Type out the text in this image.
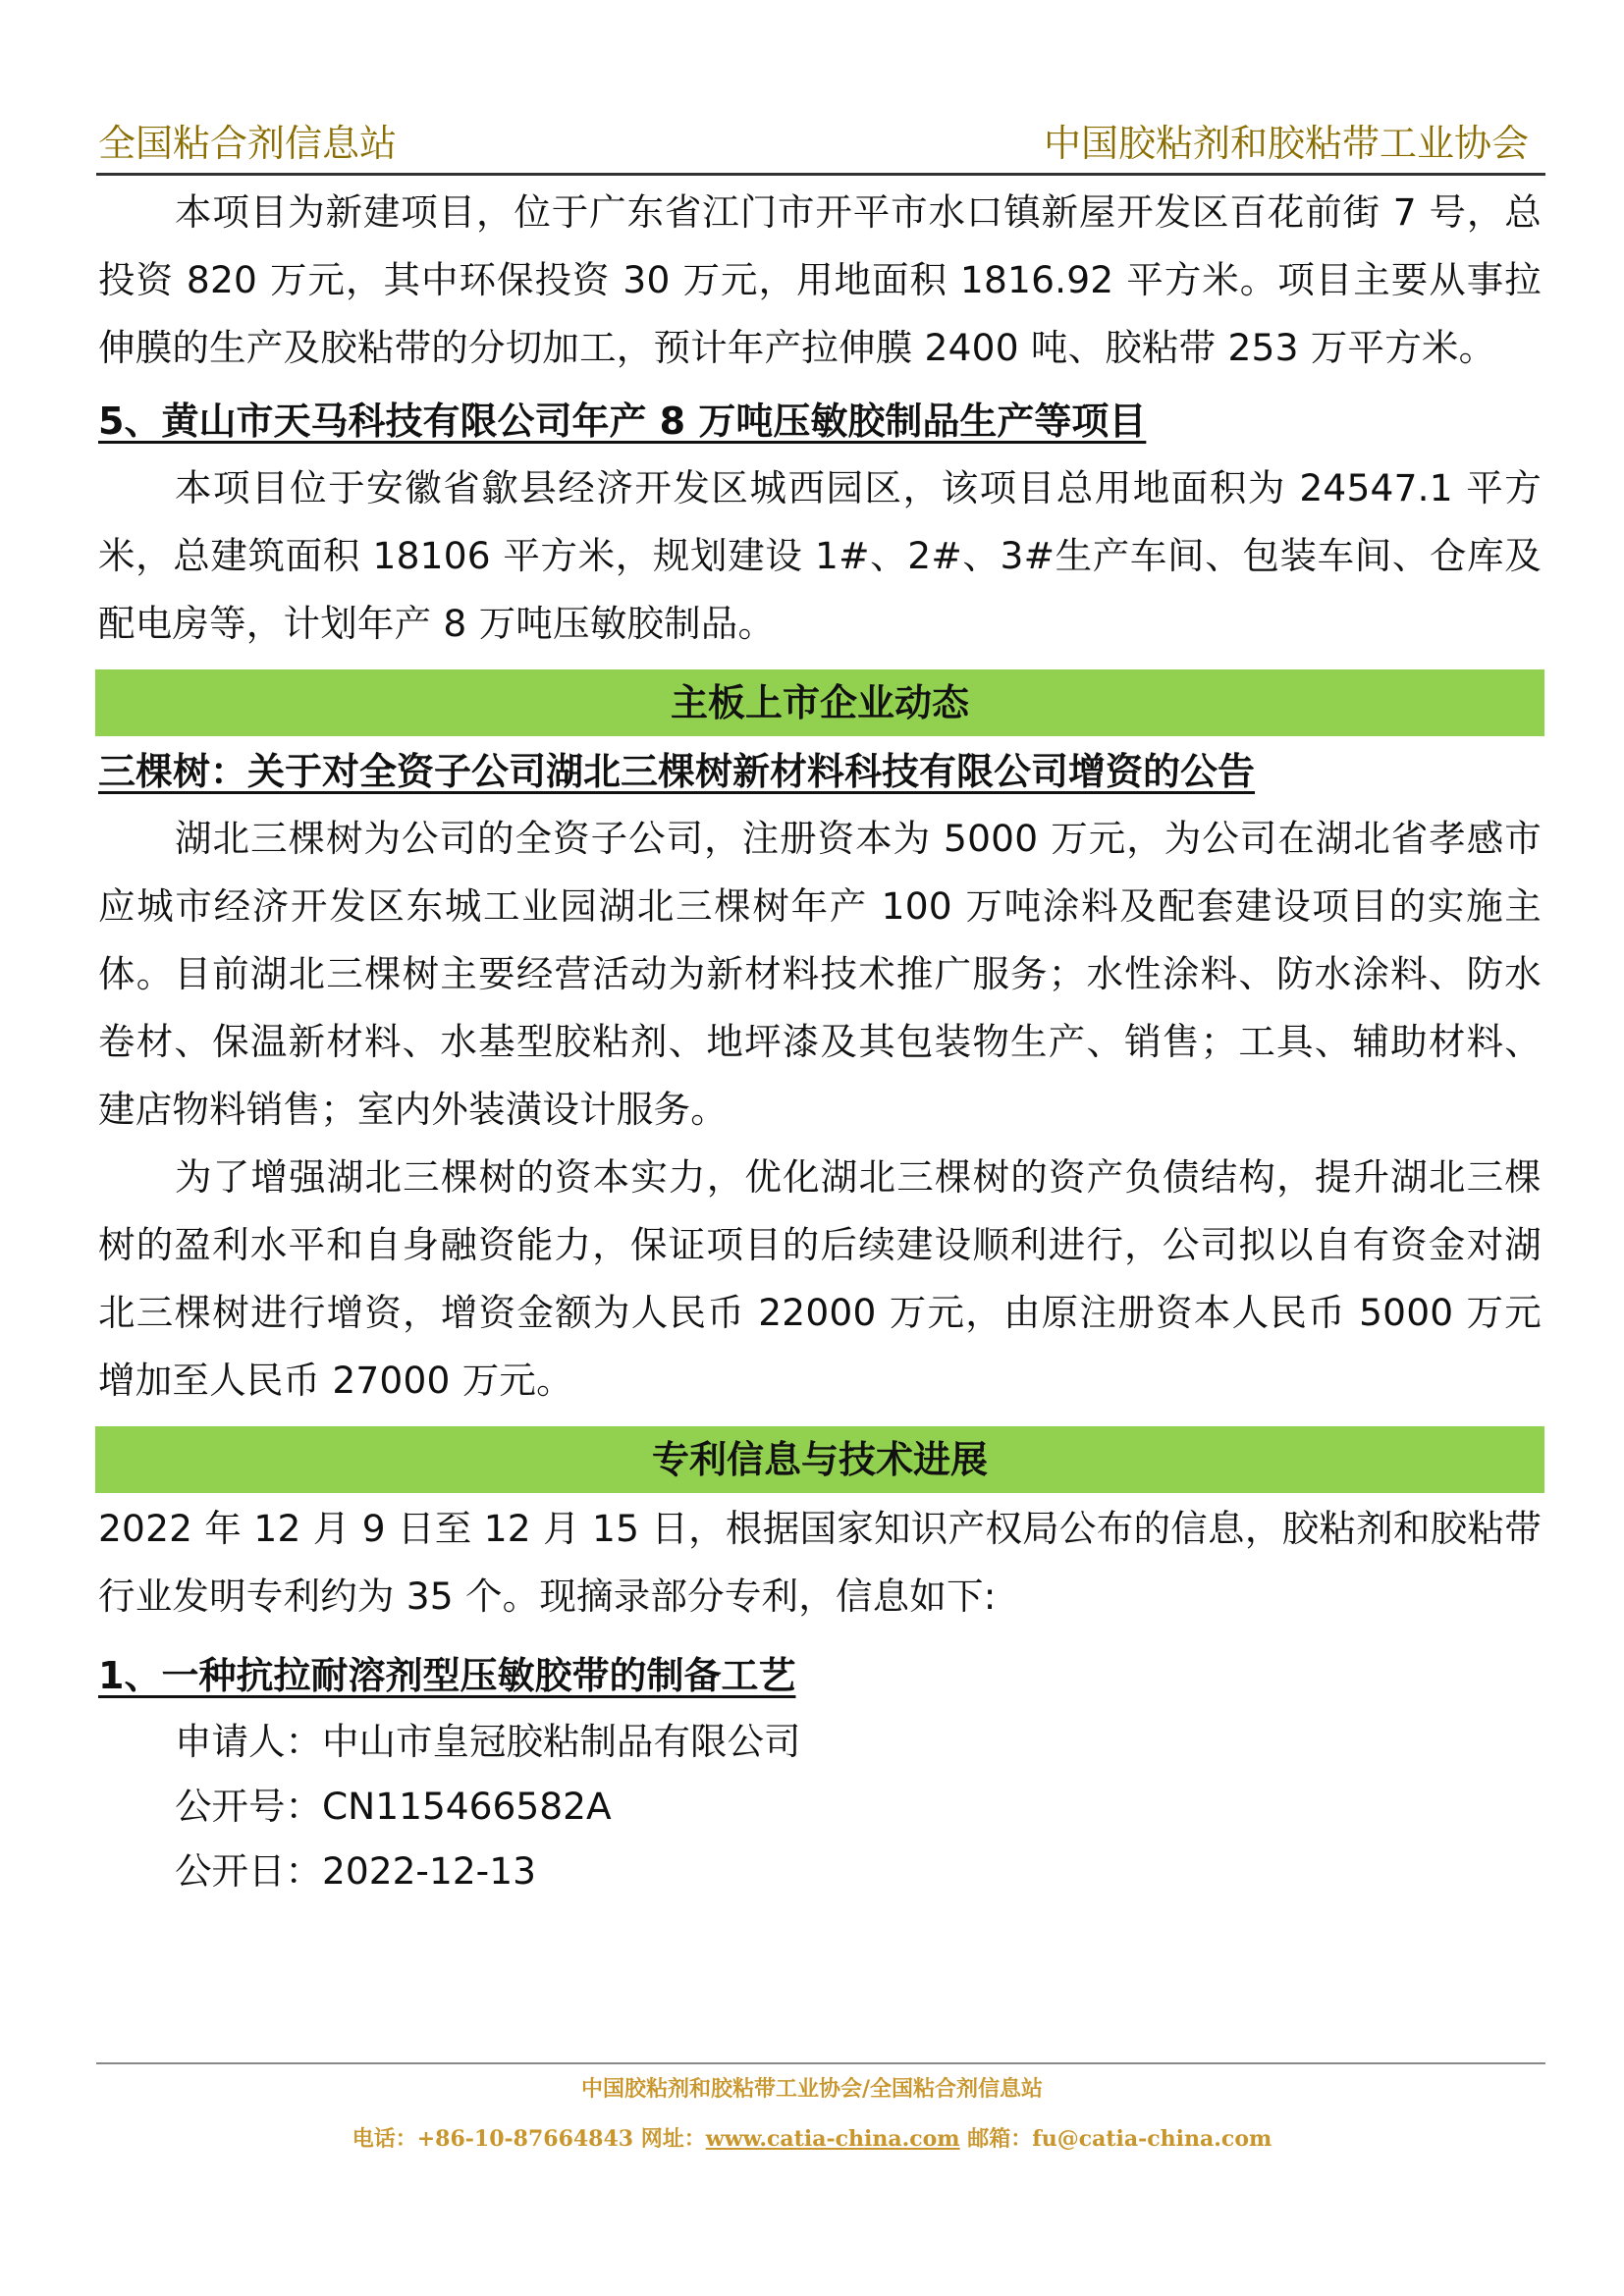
全国粘合剂信息站	中国胶粘剂和胶粘带工业协会

本项目为新建项目，位于广东省江门市开平市水口镇新屋开发区百花前街 7 号，总投资 820 万元，其中环保投资 30 万元，用地面积 1816.92 平方米。项目主要从事拉伸膜的生产及胶粘带的分切加工，预计年产拉伸膜 2400 吨、胶粘带 253 万平方米。

5、黄山市天马科技有限公司年产 8 万吨压敏胶制品生产等项目

本项目位于安徽省歙县经济开发区城西园区，该项目总用地面积为 24547.1 平方米，总建筑面积 18106 平方米，规划建设 1#、2#、3#生产车间、包装车间、仓库及配电房等，计划年产 8 万吨压敏胶制品。

主板上市企业动态

三棵树：关于对全资子公司湖北三棵树新材料科技有限公司增资的公告

湖北三棵树为公司的全资子公司，注册资本为 5000 万元，为公司在湖北省孝感市应城市经济开发区东城工业园湖北三棵树年产 100 万吨涂料及配套建设项目的实施主体。目前湖北三棵树主要经营活动为新材料技术推广服务；水性涂料、防水涂料、防水卷材、保温新材料、水基型胶粘剂、地坪漆及其包装物生产、销售；工具、辅助材料、建店物料销售；室内外装潢设计服务。

为了增强湖北三棵树的资本实力，优化湖北三棵树的资产负债结构，提升湖北三棵树的盈利水平和自身融资能力，保证项目的后续建设顺利进行，公司拟以自有资金对湖北三棵树进行增资，增资金额为人民币 22000 万元，由原注册资本人民币 5000 万元增加至人民币 27000 万元。

专利信息与技术进展

2022 年 12 月 9 日至 12 月 15 日，根据国家知识产权局公布的信息，胶粘剂和胶粘带行业发明专利约为 35 个。现摘录部分专利，信息如下:

1、一种抗拉耐溶剂型压敏胶带的制备工艺

申请人：中山市皇冠胶粘制品有限公司

公开号：CN115466582A

公开日：2022-12-13

中国胶粘剂和胶粘带工业协会/全国粘合剂信息站
电话：+86-10-87664843 网址：www.catia-china.com 邮箱：fu@catia-china.com
